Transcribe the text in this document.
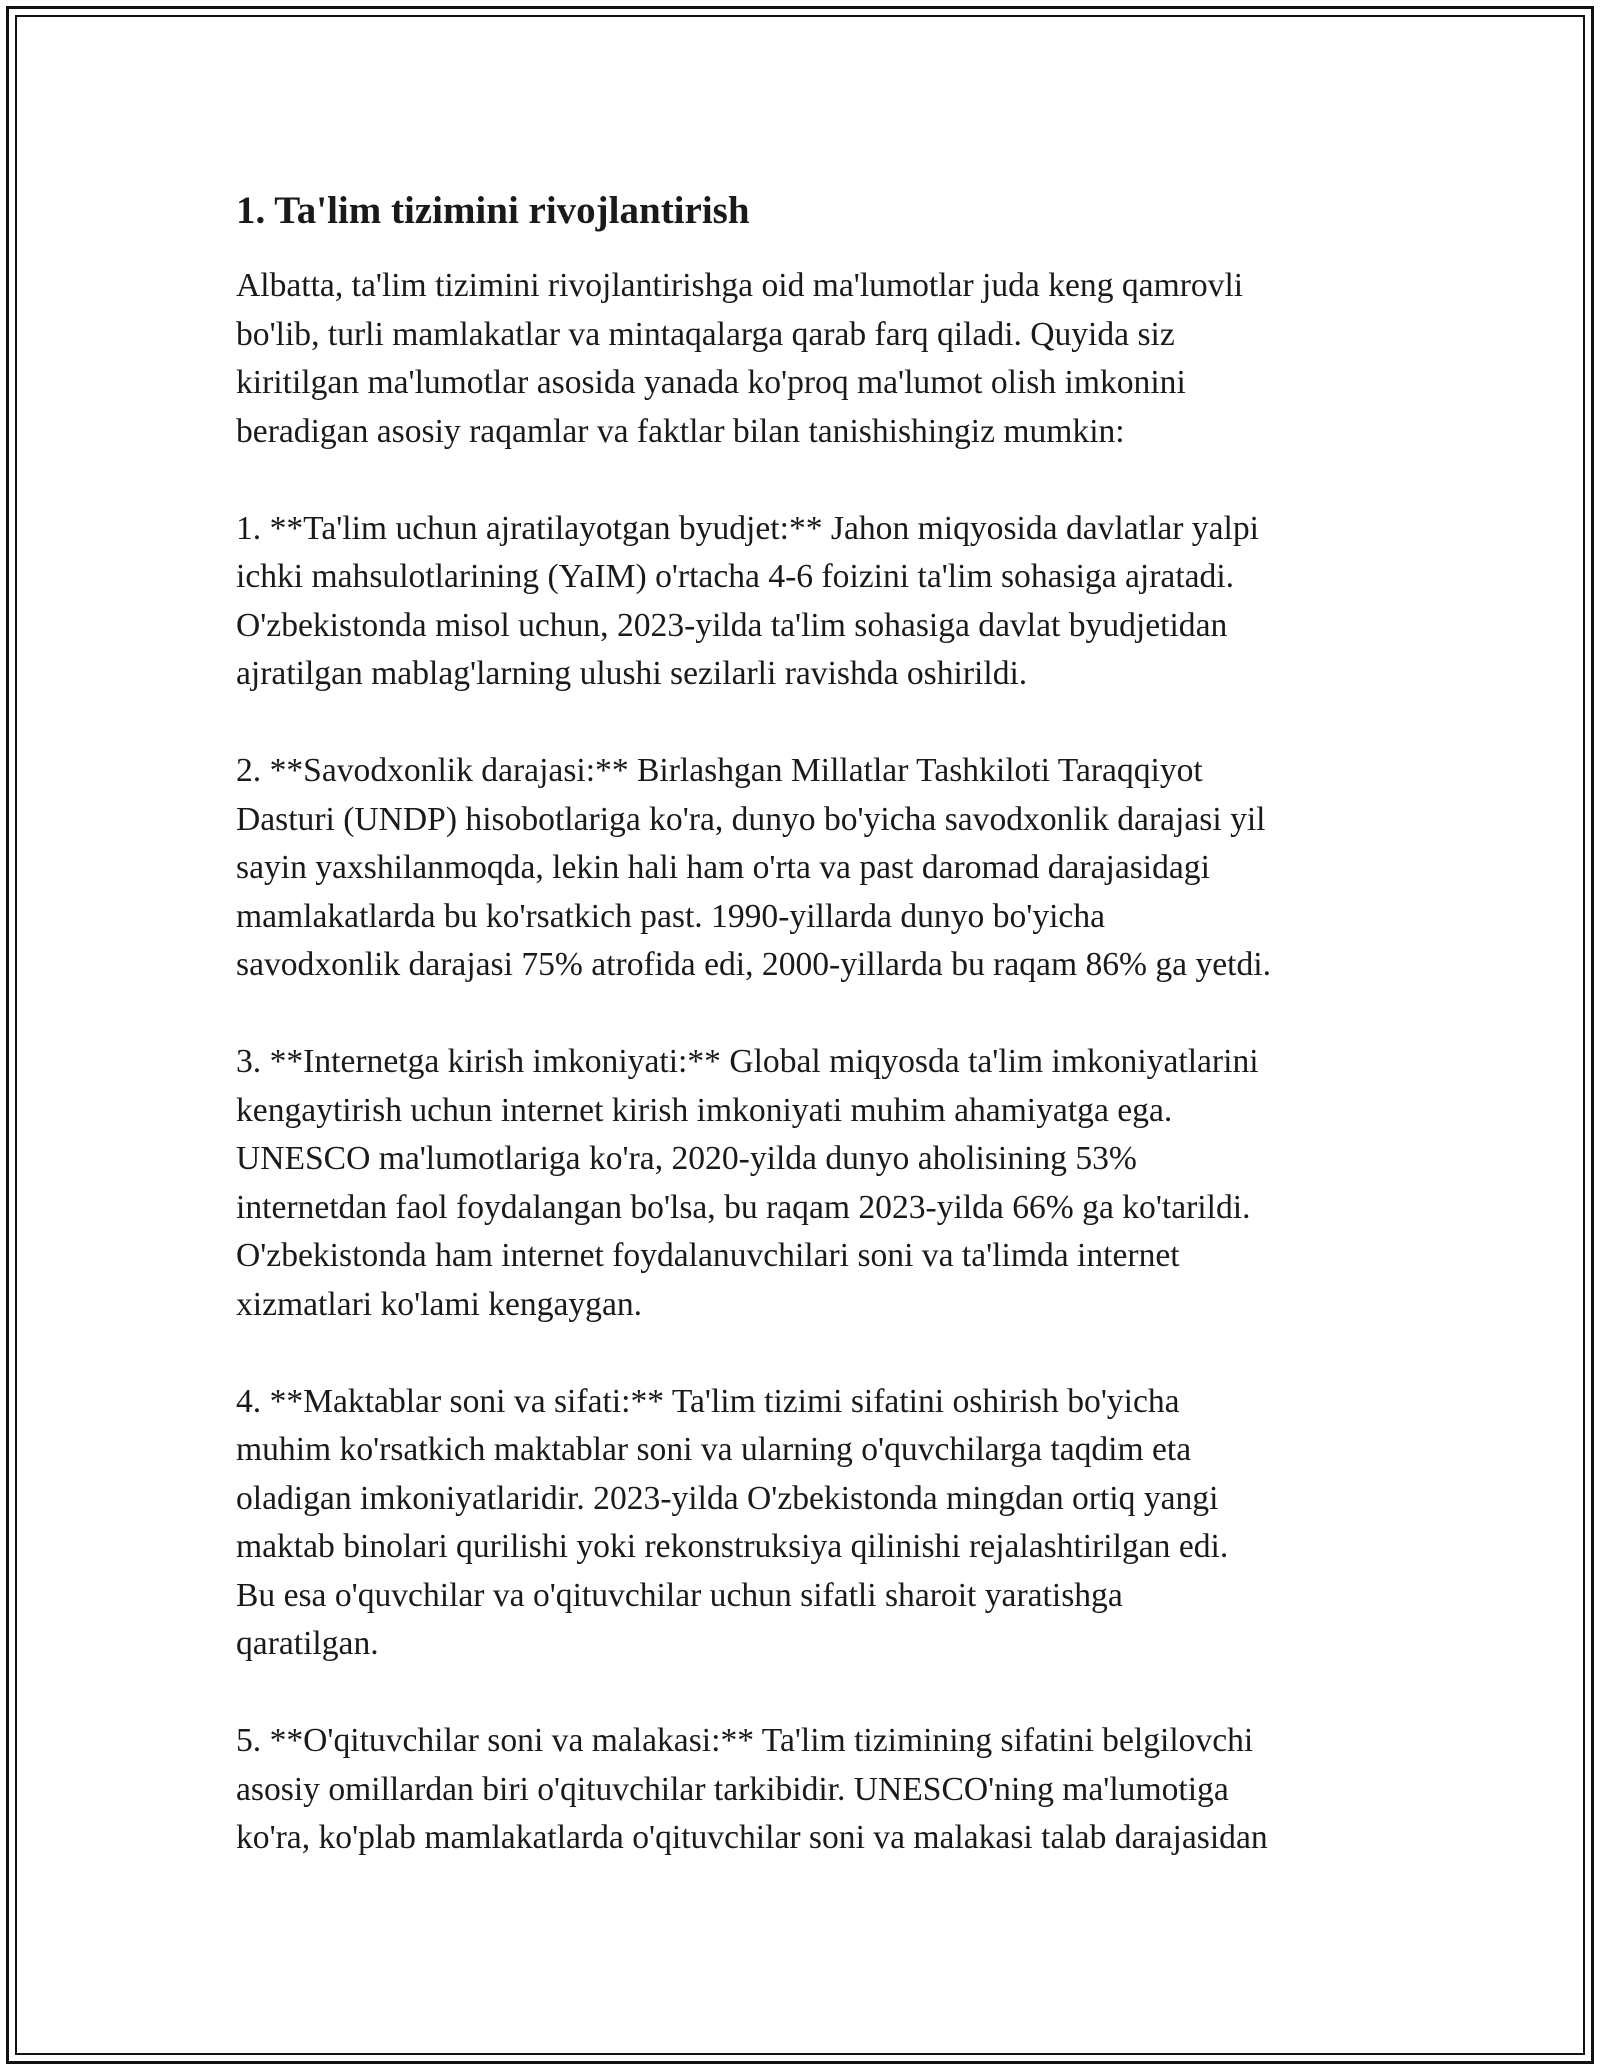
1. Ta'lim tizimini rivojlantirish

Albatta, ta'lim tizimini rivojlantirishga oid ma'lumotlar juda keng qamrovli
bo'lib, turli mamlakatlar va mintaqalarga qarab farq qiladi. Quyida siz
kiritilgan ma'lumotlar asosida yanada ko'proq ma'lumot olish imkonini
beradigan asosiy raqamlar va faktlar bilan tanishishingiz mumkin:

1. **Ta'lim uchun ajratilayotgan byudjet:** Jahon miqyosida davlatlar yalpi
ichki mahsulotlarining (YaIM) o'rtacha 4-6 foizini ta'lim sohasiga ajratadi.
O'zbekistonda misol uchun, 2023-yilda ta'lim sohasiga davlat byudjetidan
ajratilgan mablag'larning ulushi sezilarli ravishda oshirildi.

2. **Savodxonlik darajasi:** Birlashgan Millatlar Tashkiloti Taraqqiyot
Dasturi (UNDP) hisobotlariga ko'ra, dunyo bo'yicha savodxonlik darajasi yil
sayin yaxshilanmoqda, lekin hali ham o'rta va past daromad darajasidagi
mamlakatlarda bu ko'rsatkich past. 1990-yillarda dunyo bo'yicha
savodxonlik darajasi 75% atrofida edi, 2000-yillarda bu raqam 86% ga yetdi.

3. **Internetga kirish imkoniyati:** Global miqyosda ta'lim imkoniyatlarini
kengaytirish uchun internet kirish imkoniyati muhim ahamiyatga ega.
UNESCO ma'lumotlariga ko'ra, 2020-yilda dunyo aholisining 53%
internetdan faol foydalangan bo'lsa, bu raqam 2023-yilda 66% ga ko'tarildi.
O'zbekistonda ham internet foydalanuvchilari soni va ta'limda internet
xizmatlari ko'lami kengaygan.

4. **Maktablar soni va sifati:** Ta'lim tizimi sifatini oshirish bo'yicha
muhim ko'rsatkich maktablar soni va ularning o'quvchilarga taqdim eta
oladigan imkoniyatlaridir. 2023-yilda O'zbekistonda mingdan ortiq yangi
maktab binolari qurilishi yoki rekonstruksiya qilinishi rejalashtirilgan edi.
Bu esa o'quvchilar va o'qituvchilar uchun sifatli sharoit yaratishga
qaratilgan.

5. **O'qituvchilar soni va malakasi:** Ta'lim tizimining sifatini belgilovchi
asosiy omillardan biri o'qituvchilar tarkibidir. UNESCO'ning ma'lumotiga
ko'ra, ko'plab mamlakatlarda o'qituvchilar soni va malakasi talab darajasidan
